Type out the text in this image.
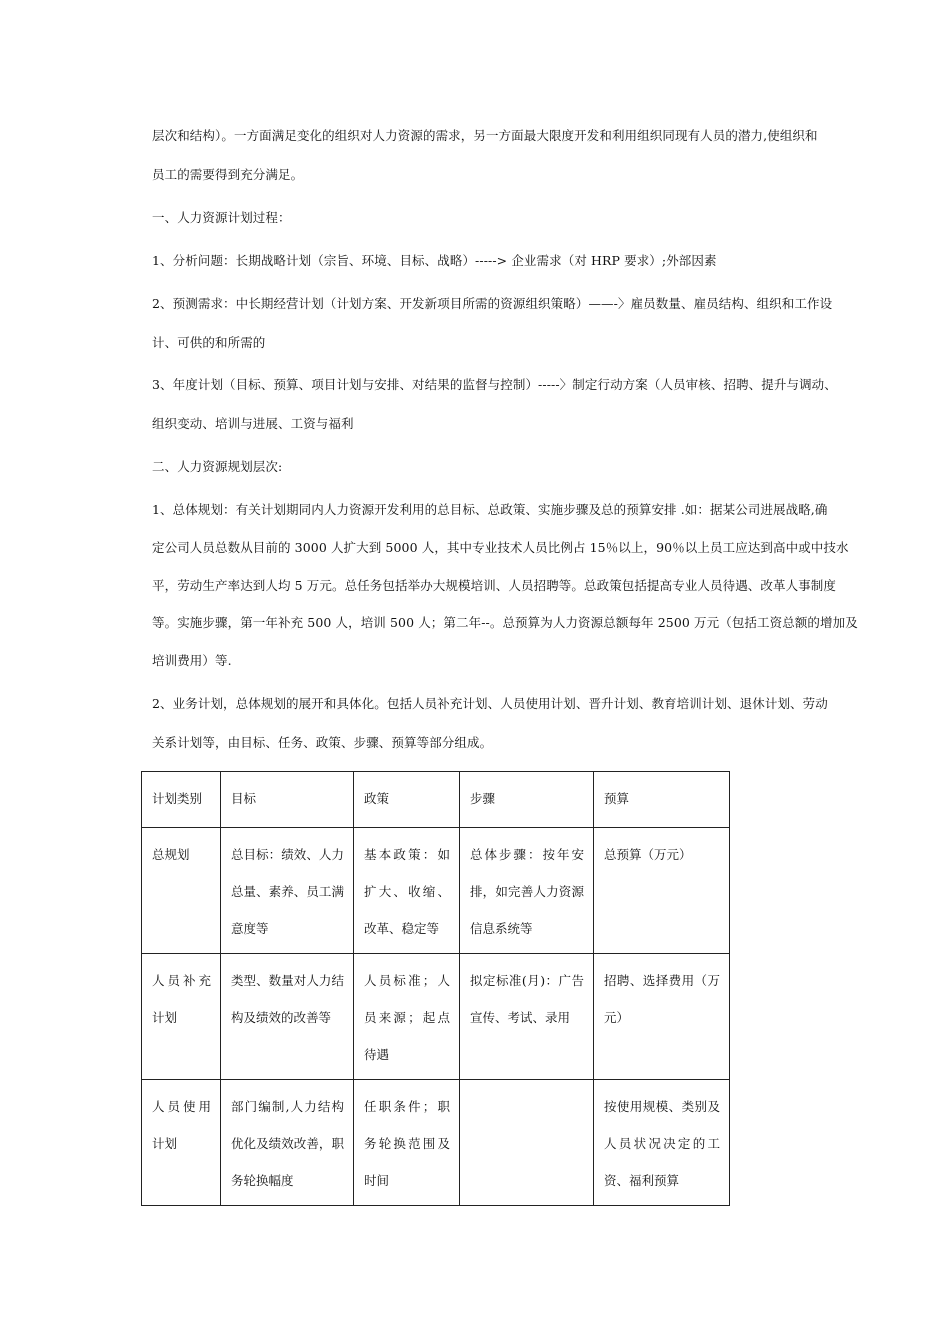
层次和结构）。一方面满足变化的组织对人力资源的需求，另一方面最大限度开发和利用组织同现有人员的潜力,使组织和
员工的需要得到充分满足。
一、人力资源计划过程：
1、分析问题：长期战略计划（宗旨、环境、目标、战略）-----> 企业需求（对 HRP 要求）;外部因素
2、预测需求：中长期经营计划（计划方案、开发新项目所需的资源组织策略）——-〉雇员数量、雇员结构、组织和工作设
计、可供的和所需的
3、年度计划（目标、预算、项目计划与安排、对结果的监督与控制）-----〉制定行动方案（人员审核、招聘、提升与调动、
组织变动、培训与进展、工资与福利
二、人力资源规划层次:
1、总体规划：有关计划期同内人力资源开发利用的总目标、总政策、实施步骤及总的预算安排 .如：据某公司进展战略,确
定公司人员总数从目前的 3000 人扩大到 5000 人，其中专业技术人员比例占 15％以上，90％以上员工应达到高中或中技水
平，劳动生产率达到人均 5 万元。总任务包括举办大规模培训、人员招聘等。总政策包括提高专业人员待遇、改革人事制度
等。实施步骤，第一年补充 500 人，培训 500 人；第二年--。总预算为人力资源总额每年 2500 万元（包括工资总额的增加及
培训费用）等.
2、业务计划，总体规划的展开和具体化。包括人员补充计划、人员使用计划、晋升计划、教育培训计划、退休计划、劳动
关系计划等，由目标、任务、政策、步骤、预算等部分组成。
计划类别	目标	政策	步骤	预算

总规划	总目标：绩效、人力总量、素养、员工满意度等	基本政策：如扩大、收缩、改革、稳定等	总体步骤：按年安排，如完善人力资源信息系统等	总预算（万元）

人员补充计划	类型、数量对人力结构及绩效的改善等	人员标准；人员来源；起点待遇	拟定标准(月)：广告宣传、考试、录用	招聘、选择费用（万元）

人员使用计划	部门编制,人力结构优化及绩效改善，职务轮换幅度	任职条件；职务轮换范围及时间		按使用规模、类别及人员状况决定的工资、福利预算
